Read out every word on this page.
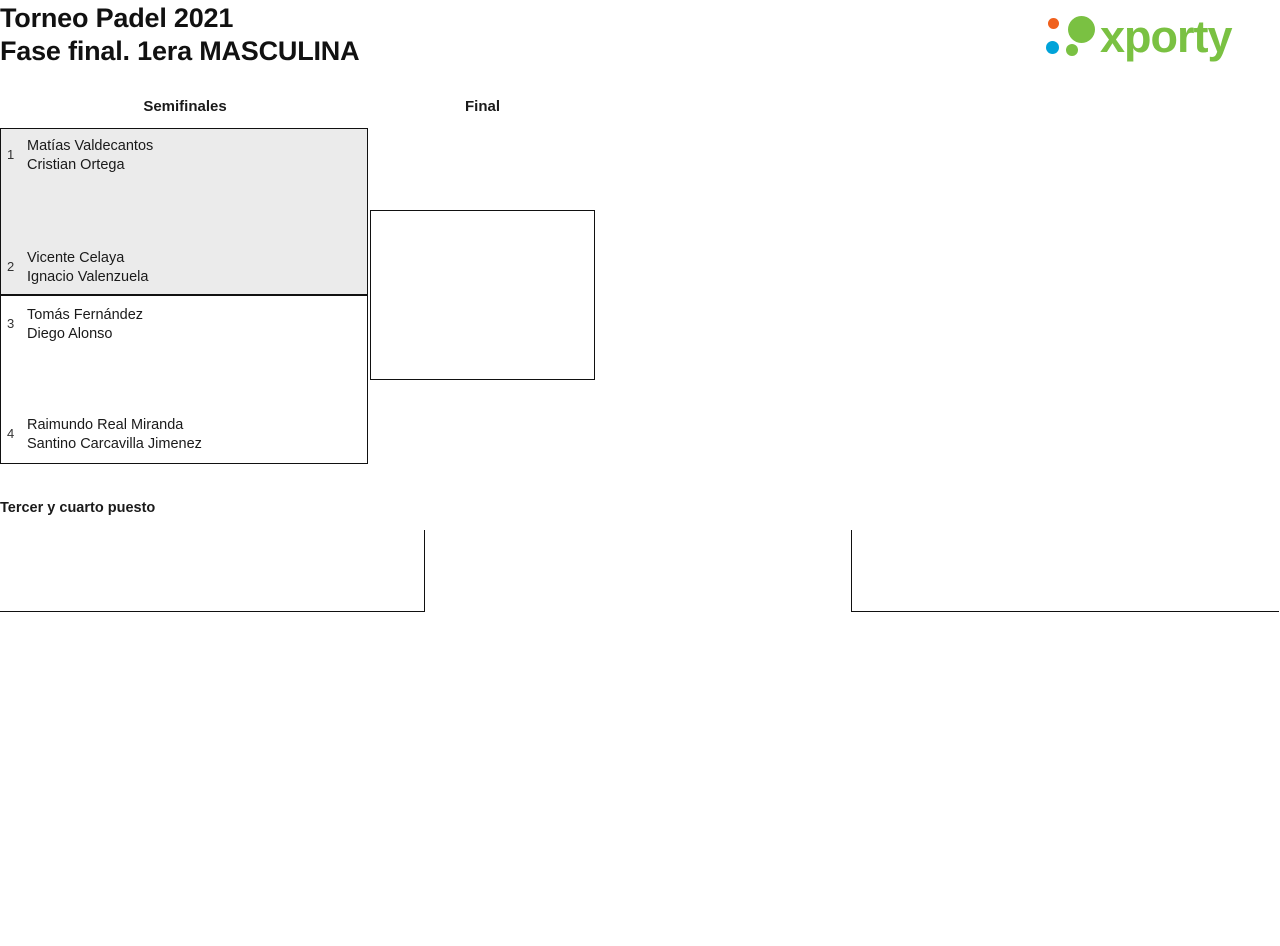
Torneo Padel 2021
Fase final. 1era MASCULINA	xporty
Semifinales	Final
1
Matías Valdecantos
Cristian Ortega
2
Vicente Celaya
Ignacio Valenzuela
3
Tomás Fernández
Diego Alonso
4
Raimundo Real Miranda
Santino Carcavilla Jimenez
Tercer y cuarto puesto
